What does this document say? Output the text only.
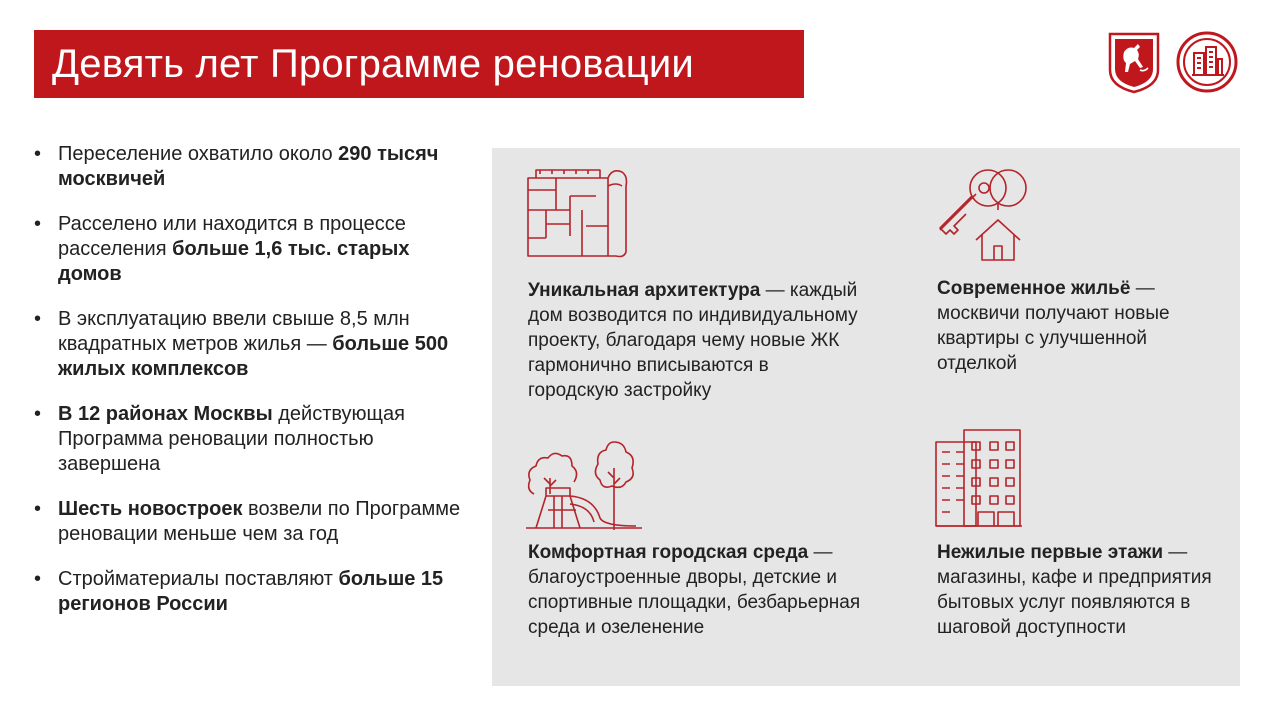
Девять лет Программе реновации
• Переселение охватило около 290 тысяч москвичей
• Расселено или находится в процессе расселения больше 1,6 тыс. старых домов
• В эксплуатацию ввели свыше 8,5 млн квадратных метров жилья — больше 500 жилых комплексов
• В 12 районах Москвы действующая Программа реновации полностью завершена
• Шесть новостроек возвели по Программе реновации меньше чем за год
• Стройматериалы поставляют больше 15 регионов России
Уникальная архитектура — каждый дом возводится по индивидуальному проекту, благодаря чему новые ЖК гармонично вписываются в городскую застройку
Современное жильё — москвичи получают новые квартиры с улучшенной отделкой
Комфортная городская среда — благоустроенные дворы, детские и спортивные площадки, безбарьерная среда и озеленение
Нежилые первые этажи — магазины, кафе и предприятия бытовых услуг появляются в шаговой доступности
